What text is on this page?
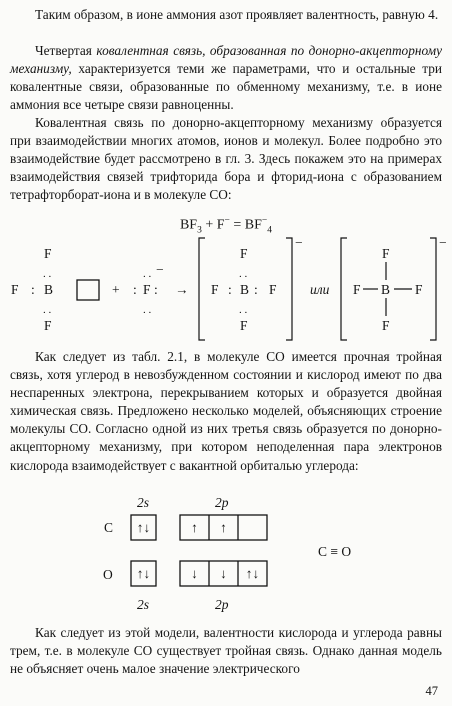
Таким образом, в ионе аммония азот проявляет валентность, равную 4.

Четвертая ковалентная связь, образованная по донорно-акцепторному механизму, характеризуется теми же параметрами, что и остальные три ковалентные связи, образованные по обменному механизму, т.е. в ионе аммония все четыре связи равноценны.

Ковалентная связь по донорно-акцепторному механизму образуется при взаимодействии многих атомов, ионов и молекул. Более подробно это взаимодействие будет рассмотрено в гл. 3. Здесь покажем это на примерах взаимодействия связей трифторида бора и фторид-иона с образованием тетрафторборат-иона и в молекуле CO:

$BF_3 + F^- = BF^-_4$
F
. .
F : B
. .
F
+
. .
: F :
. .
−
→
−
F
. .
F : B : F
. .
F
или
−
F
F B F
F

Как следует из табл. 2.1, в молекуле CO имеется прочная тройная связь, хотя углерод в невозбужденном состоянии и кислород имеют по два неспаренных электрона, перекрыванием которых и образуется двойная химическая связь. Предложено несколько моделей, объясняющих строение молекулы CO. Согласно одной из них третья связь образуется по донорно-акцепторному механизму, при котором неподеленная пара электронов кислорода взаимодействует с вакантной орбиталью углерода:

2s	2p
C ↑↓	↑ ↑
O ↑↓	↓ ↓ ↑↓
2s	2p
C ≡ O

Как следует из этой модели, валентности кислорода и углерода равны трем, т.е. в молекуле CO существует тройная связь. Однако данная модель не объясняет очень малое значение электрического

47
